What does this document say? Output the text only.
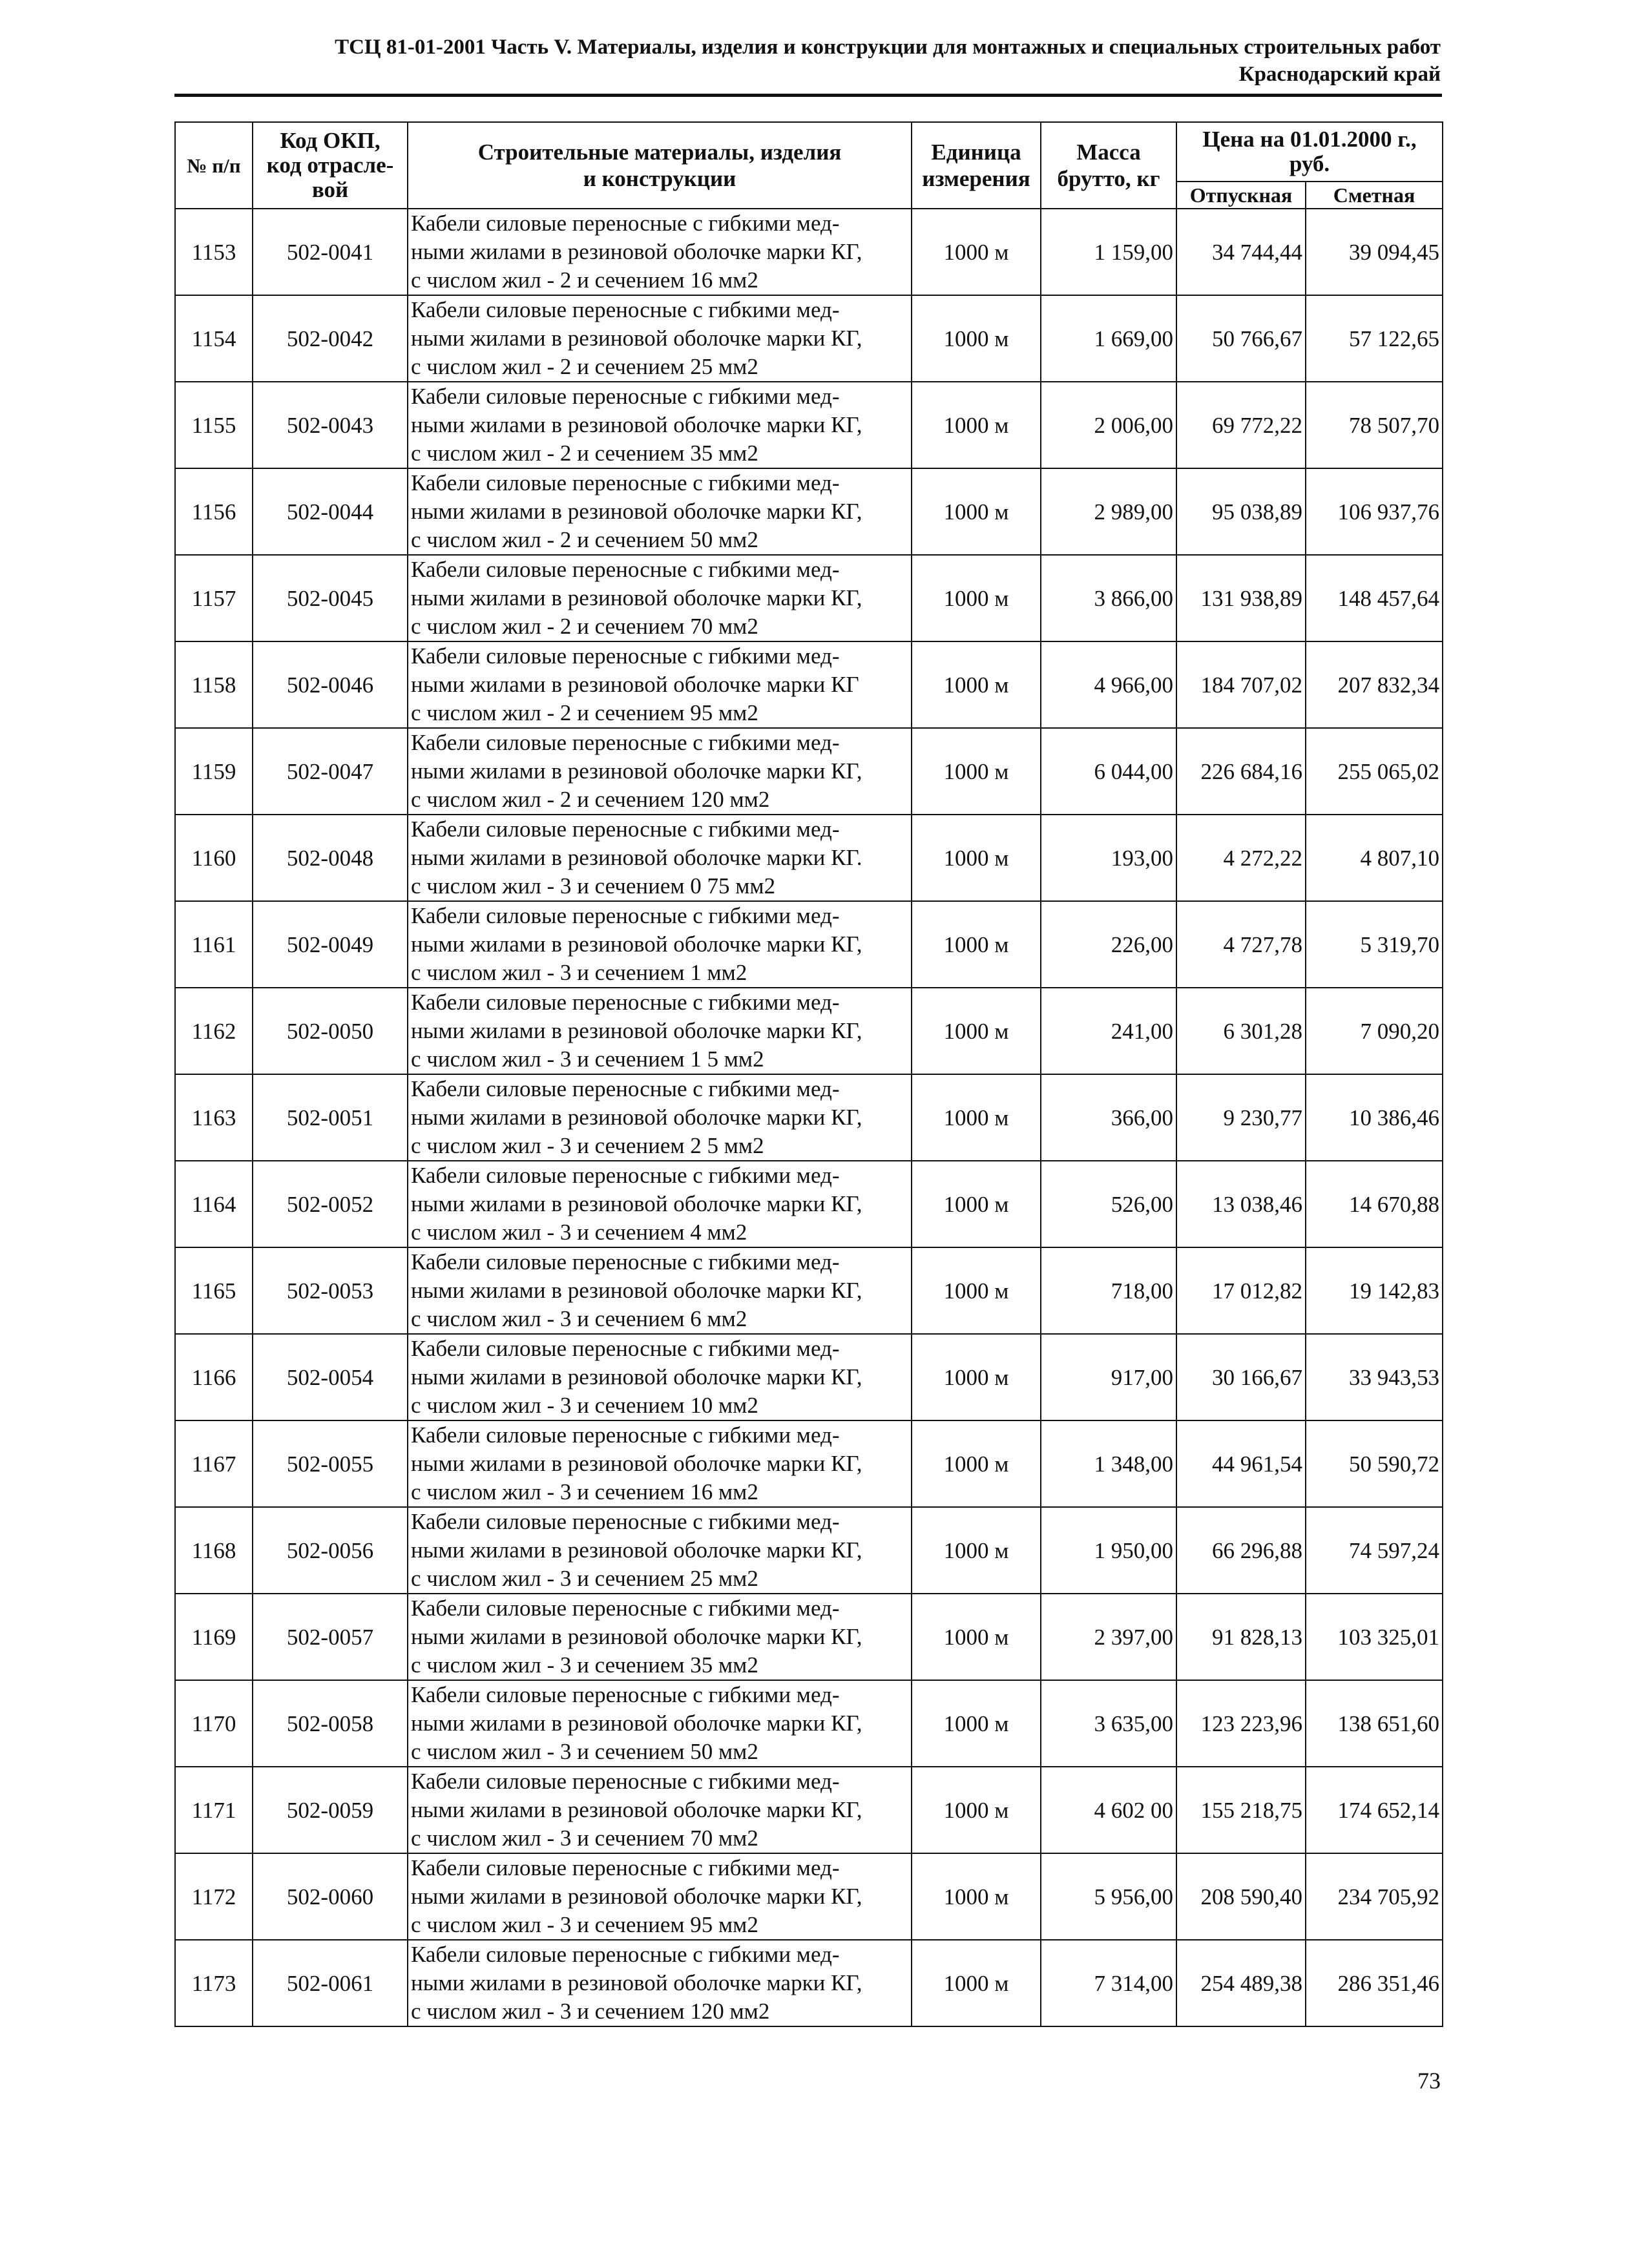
ТСЦ 81-01-2001 Часть V. Материалы, изделия и конструкции для монтажных и специальных строительных работ
Краснодарский край
№ п/п	Код ОКП,
код отрасле-
вой	Строительные материалы, изделия
и конструкции	Единица
измерения	Масса
брутто, кг	Цена на 01.01.2000 г.,
руб.	
					Отпускная	Сметная
1153	502-0041	Кабели силовые переносные с гибкими мед-
ными жилами в резиновой оболочке марки КГ,
с числом жил - 2 и сечением 16 мм2	1000 м	1 159,00	34 744,44	39 094,45
1154	502-0042	Кабели силовые переносные с гибкими мед-
ными жилами в резиновой оболочке марки КГ,
с числом жил - 2 и сечением 25 мм2	1000 м	1 669,00	50 766,67	57 122,65
1155	502-0043	Кабели силовые переносные с гибкими мед-
ными жилами в резиновой оболочке марки КГ,
с числом жил - 2 и сечением 35 мм2	1000 м	2 006,00	69 772,22	78 507,70
1156	502-0044	Кабели силовые переносные с гибкими мед-
ными жилами в резиновой оболочке марки КГ,
с числом жил - 2 и сечением 50 мм2	1000 м	2 989,00	95 038,89	106 937,76
1157	502-0045	Кабели силовые переносные с гибкими мед-
ными жилами в резиновой оболочке марки КГ,
с числом жил - 2 и сечением 70 мм2	1000 м	3 866,00	131 938,89	148 457,64
1158	502-0046	Кабели силовые переносные с гибкими мед-
ными жилами в резиновой оболочке марки КГ
с числом жил - 2 и сечением 95 мм2	1000 м	4 966,00	184 707,02	207 832,34
1159	502-0047	Кабели силовые переносные с гибкими мед-
ными жилами в резиновой оболочке марки КГ,
с числом жил - 2 и сечением 120 мм2	1000 м	6 044,00	226 684,16	255 065,02
1160	502-0048	Кабели силовые переносные с гибкими мед-
ными жилами в резиновой оболочке марки КГ.
с числом жил - 3 и сечением 0 75 мм2	1000 м	193,00	4 272,22	4 807,10
1161	502-0049	Кабели силовые переносные с гибкими мед-
ными жилами в резиновой оболочке марки КГ,
с числом жил - 3 и сечением 1 мм2	1000 м	226,00	4 727,78	5 319,70
1162	502-0050	Кабели силовые переносные с гибкими мед-
ными жилами в резиновой оболочке марки КГ,
с числом жил - 3 и сечением 1 5 мм2	1000 м	241,00	6 301,28	7 090,20
1163	502-0051	Кабели силовые переносные с гибкими мед-
ными жилами в резиновой оболочке марки КГ,
с числом жил - 3 и сечением 2 5 мм2	1000 м	366,00	9 230,77	10 386,46
1164	502-0052	Кабели силовые переносные с гибкими мед-
ными жилами в резиновой оболочке марки КГ,
с числом жил - 3 и сечением 4 мм2	1000 м	526,00	13 038,46	14 670,88
1165	502-0053	Кабели силовые переносные с гибкими мед-
ными жилами в резиновой оболочке марки КГ,
с числом жил - 3 и сечением 6 мм2	1000 м	718,00	17 012,82	19 142,83
1166	502-0054	Кабели силовые переносные с гибкими мед-
ными жилами в резиновой оболочке марки КГ,
с числом жил - 3 и сечением 10 мм2	1000 м	917,00	30 166,67	33 943,53
1167	502-0055	Кабели силовые переносные с гибкими мед-
ными жилами в резиновой оболочке марки КГ,
с числом жил - 3 и сечением 16 мм2	1000 м	1 348,00	44 961,54	50 590,72
1168	502-0056	Кабели силовые переносные с гибкими мед-
ными жилами в резиновой оболочке марки КГ,
с числом жил - 3 и сечением 25 мм2	1000 м	1 950,00	66 296,88	74 597,24
1169	502-0057	Кабели силовые переносные с гибкими мед-
ными жилами в резиновой оболочке марки КГ,
с числом жил - 3 и сечением 35 мм2	1000 м	2 397,00	91 828,13	103 325,01
1170	502-0058	Кабели силовые переносные с гибкими мед-
ными жилами в резиновой оболочке марки КГ,
с числом жил - 3 и сечением 50 мм2	1000 м	3 635,00	123 223,96	138 651,60
1171	502-0059	Кабели силовые переносные с гибкими мед-
ными жилами в резиновой оболочке марки КГ,
с числом жил - 3 и сечением 70 мм2	1000 м	4 602 00	155 218,75	174 652,14
1172	502-0060	Кабели силовые переносные с гибкими мед-
ными жилами в резиновой оболочке марки КГ,
с числом жил - 3 и сечением 95 мм2	1000 м	5 956,00	208 590,40	234 705,92
1173	502-0061	Кабели силовые переносные с гибкими мед-
ными жилами в резиновой оболочке марки КГ,
с числом жил - 3 и сечением 120 мм2	1000 м	7 314,00	254 489,38	286 351,46
73
